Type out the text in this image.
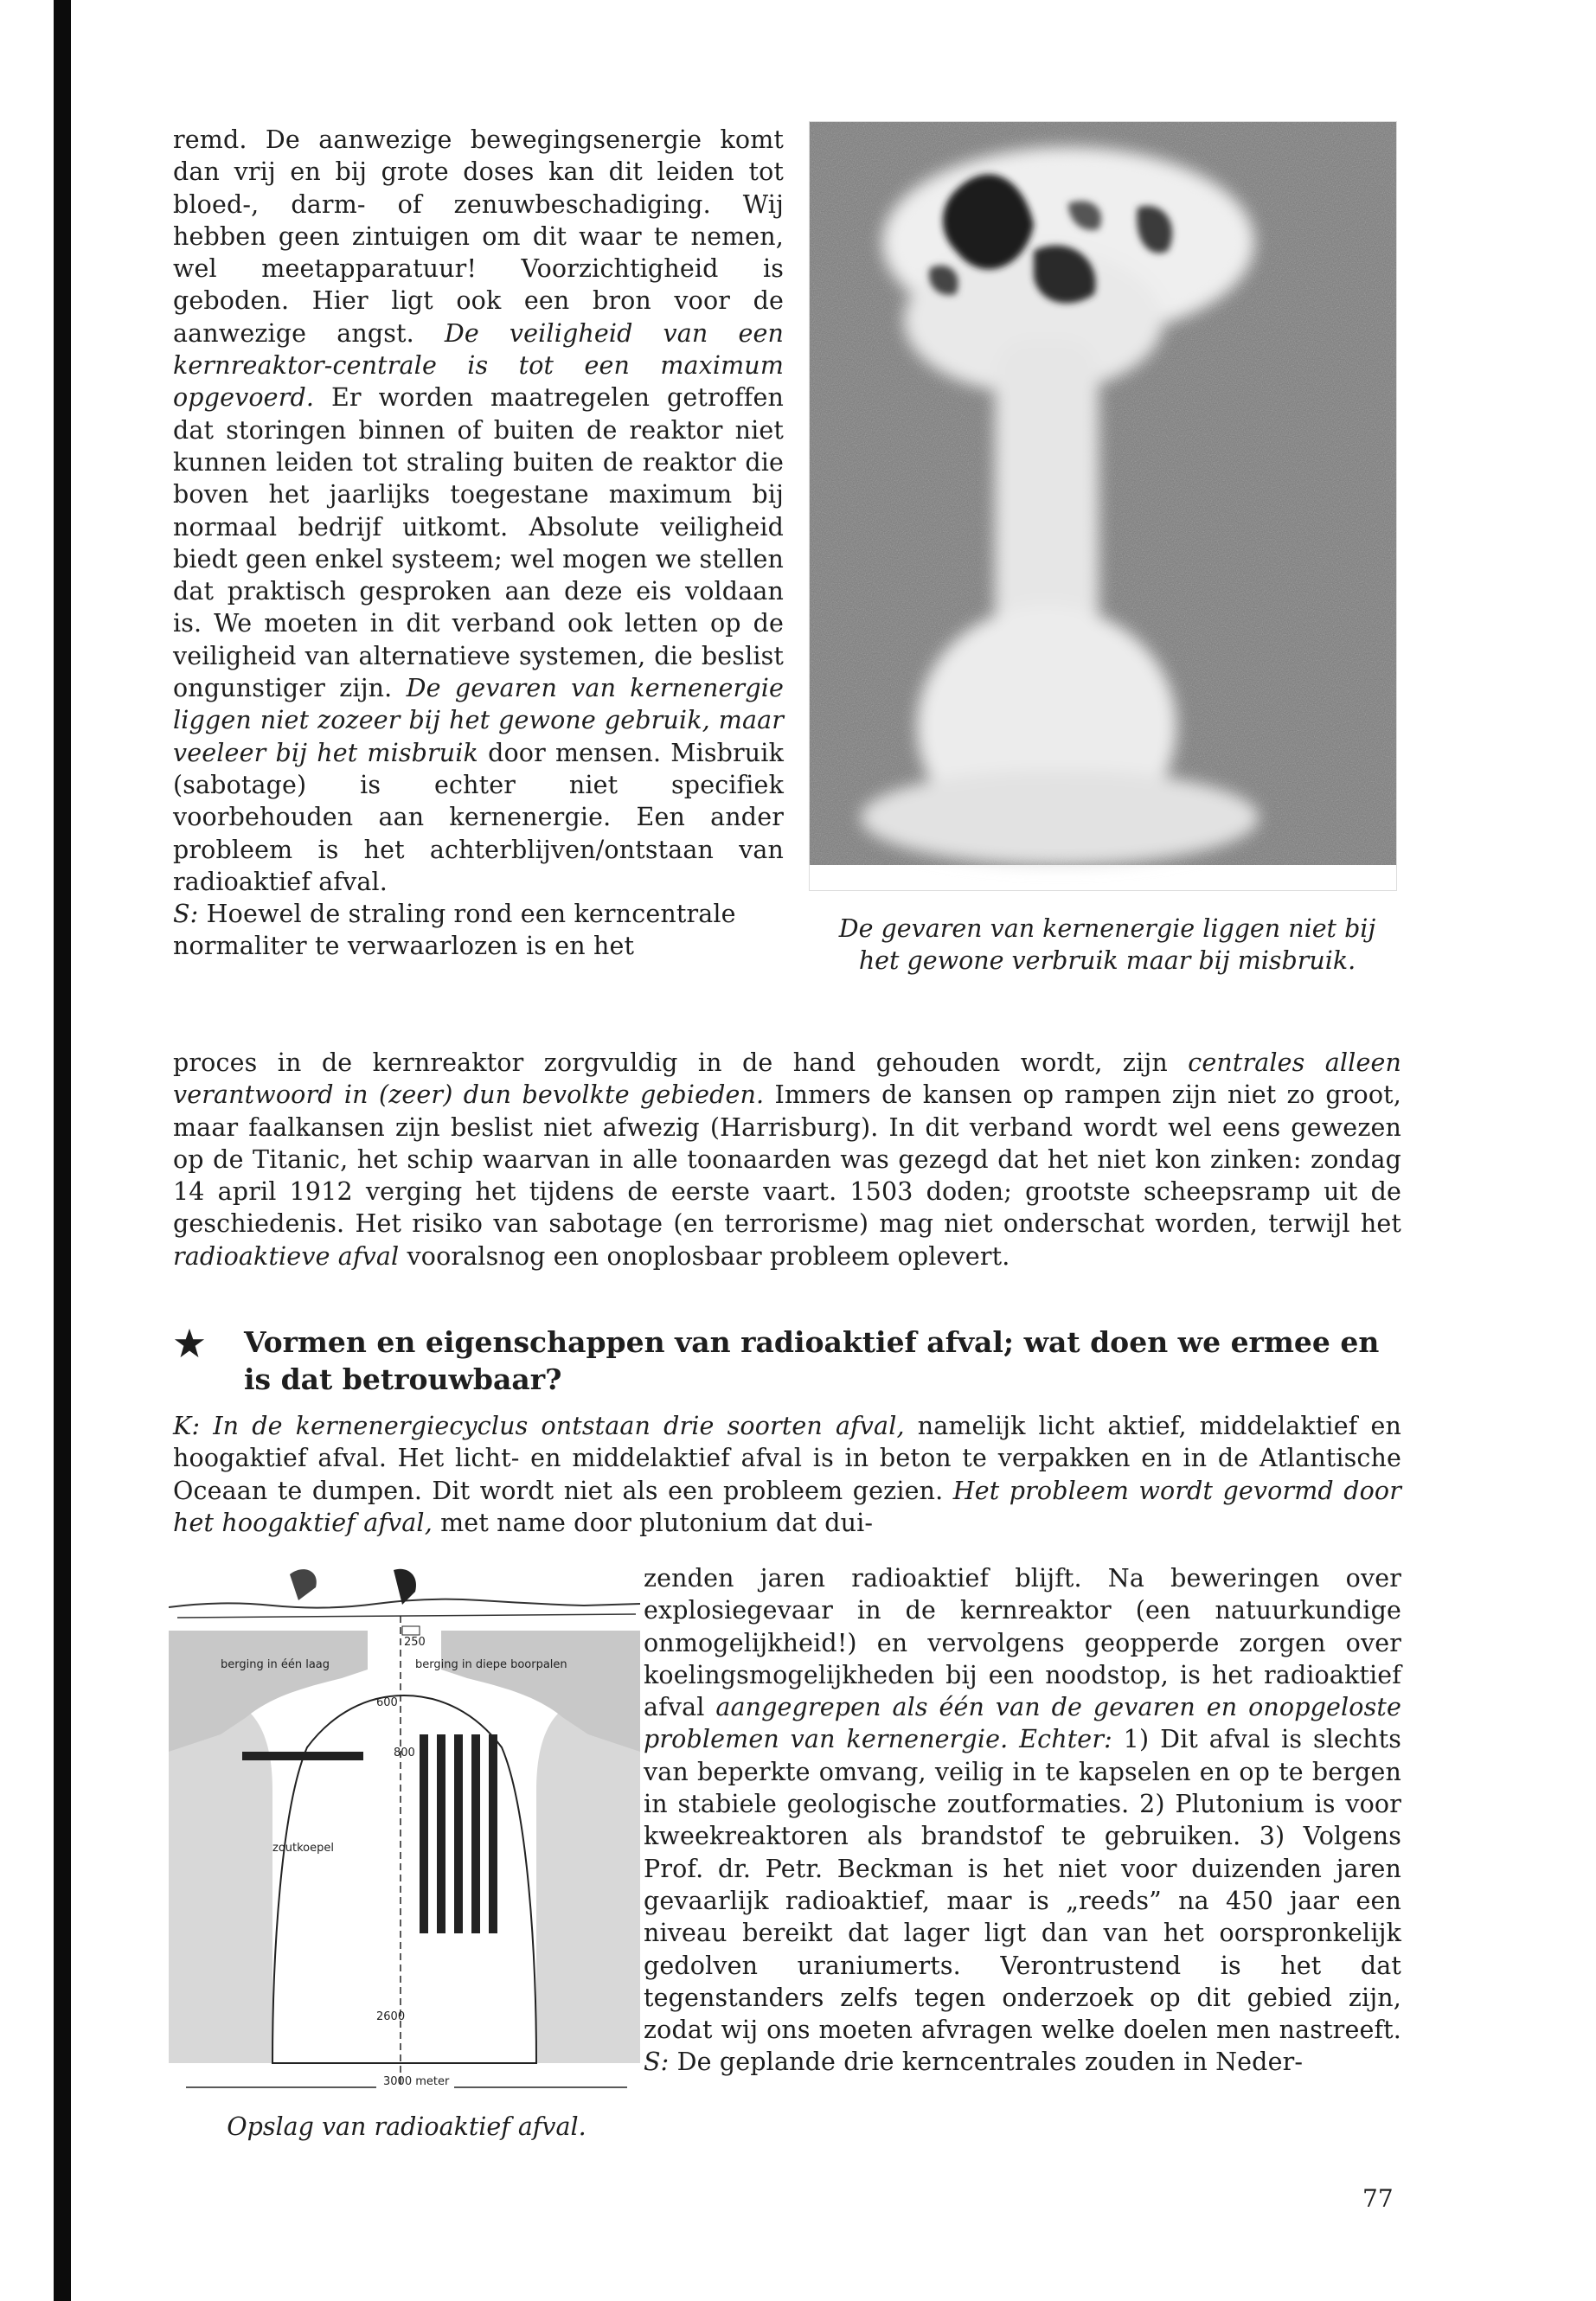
remd. De aanwezige bewegingsenergie komt dan vrij en bij grote doses kan dit leiden tot bloed-, darm- of zenuwbeschadiging. Wij hebben geen zintuigen om dit waar te nemen, wel meetapparatuur! Voorzichtigheid is geboden. Hier ligt ook een bron voor de aanwezige angst. De veiligheid van een kernreaktor-centrale is tot een maximum opgevoerd. Er worden maatregelen getroffen dat storingen binnen of buiten de reaktor niet kunnen leiden tot straling buiten de reaktor die boven het jaarlijks toegestane maximum bij normaal bedrijf uitkomt. Absolute veiligheid biedt geen enkel systeem; wel mogen we stellen dat praktisch gesproken aan deze eis voldaan is. We moeten in dit verband ook letten op de veiligheid van alternatieve systemen, die beslist ongunstiger zijn. De gevaren van kernenergie liggen niet zozeer bij het gewone gebruik, maar veeleer bij het misbruik door mensen. Misbruik (sabotage) is echter niet specifiek voorbehouden aan kernenergie. Een ander probleem is het achterblijven/ontstaan van radioaktief afval.

S: Hoewel de straling rond een kerncentrale normaliter te verwaarlozen is en het

De gevaren van kernenergie liggen niet bij het gewone verbruik maar bij misbruik.

proces in de kernreaktor zorgvuldig in de hand gehouden wordt, zijn centrales alleen verantwoord in (zeer) dun bevolkte gebieden. Immers de kansen op rampen zijn niet zo groot, maar faalkansen zijn beslist niet afwezig (Harrisburg). In dit verband wordt wel eens gewezen op de Titanic, het schip waarvan in alle toonaarden was gezegd dat het niet kon zinken: zondag 14 april 1912 verging het tijdens de eerste vaart. 1503 doden; grootste scheepsramp uit de geschiedenis. Het risiko van sabotage (en terrorisme) mag niet onderschat worden, terwijl het radioaktieve afval vooralsnog een onoplosbaar probleem oplevert.

Vormen en eigenschappen van radioaktief afval; wat doen we ermee en is dat betrouwbaar?

K: In de kernenergiecyclus ontstaan drie soorten afval, namelijk licht aktief, middelaktief en hoogaktief afval. Het licht- en middelaktief afval is in beton te verpakken en in de Atlantische Oceaan te dumpen. Dit wordt niet als een probleem gezien. Het probleem wordt gevormd door het hoogaktief afval, met name door plutonium dat dui-

berging in één laag	berging in diepe boorpalen
zoutkoepel
250
600
800
2600
3000 meter
Opslag van radioaktief afval.

zenden jaren radioaktief blijft. Na beweringen over explosiegevaar in de kernreaktor (een natuurkundige onmogelijkheid!) en vervolgens geopperde zorgen over koelingsmogelijkheden bij een noodstop, is het radioaktief afval aangegrepen als één van de gevaren en onopgeloste problemen van kernenergie. Echter: 1) Dit afval is slechts van beperkte omvang, veilig in te kapselen en op te bergen in stabiele geologische zoutformaties. 2) Plutonium is voor kweekreaktoren als brandstof te gebruiken. 3) Volgens Prof. dr. Petr. Beckman is het niet voor duizenden jaren gevaarlijk radioaktief, maar is „reeds” na 450 jaar een niveau bereikt dat lager ligt dan van het oorspronkelijk gedolven uraniumerts. Verontrustend is het dat tegenstanders zelfs tegen onderzoek op dit gebied zijn, zodat wij ons moeten afvragen welke doelen men nastreeft. S: De geplande drie kerncentrales zouden in Neder-

77
